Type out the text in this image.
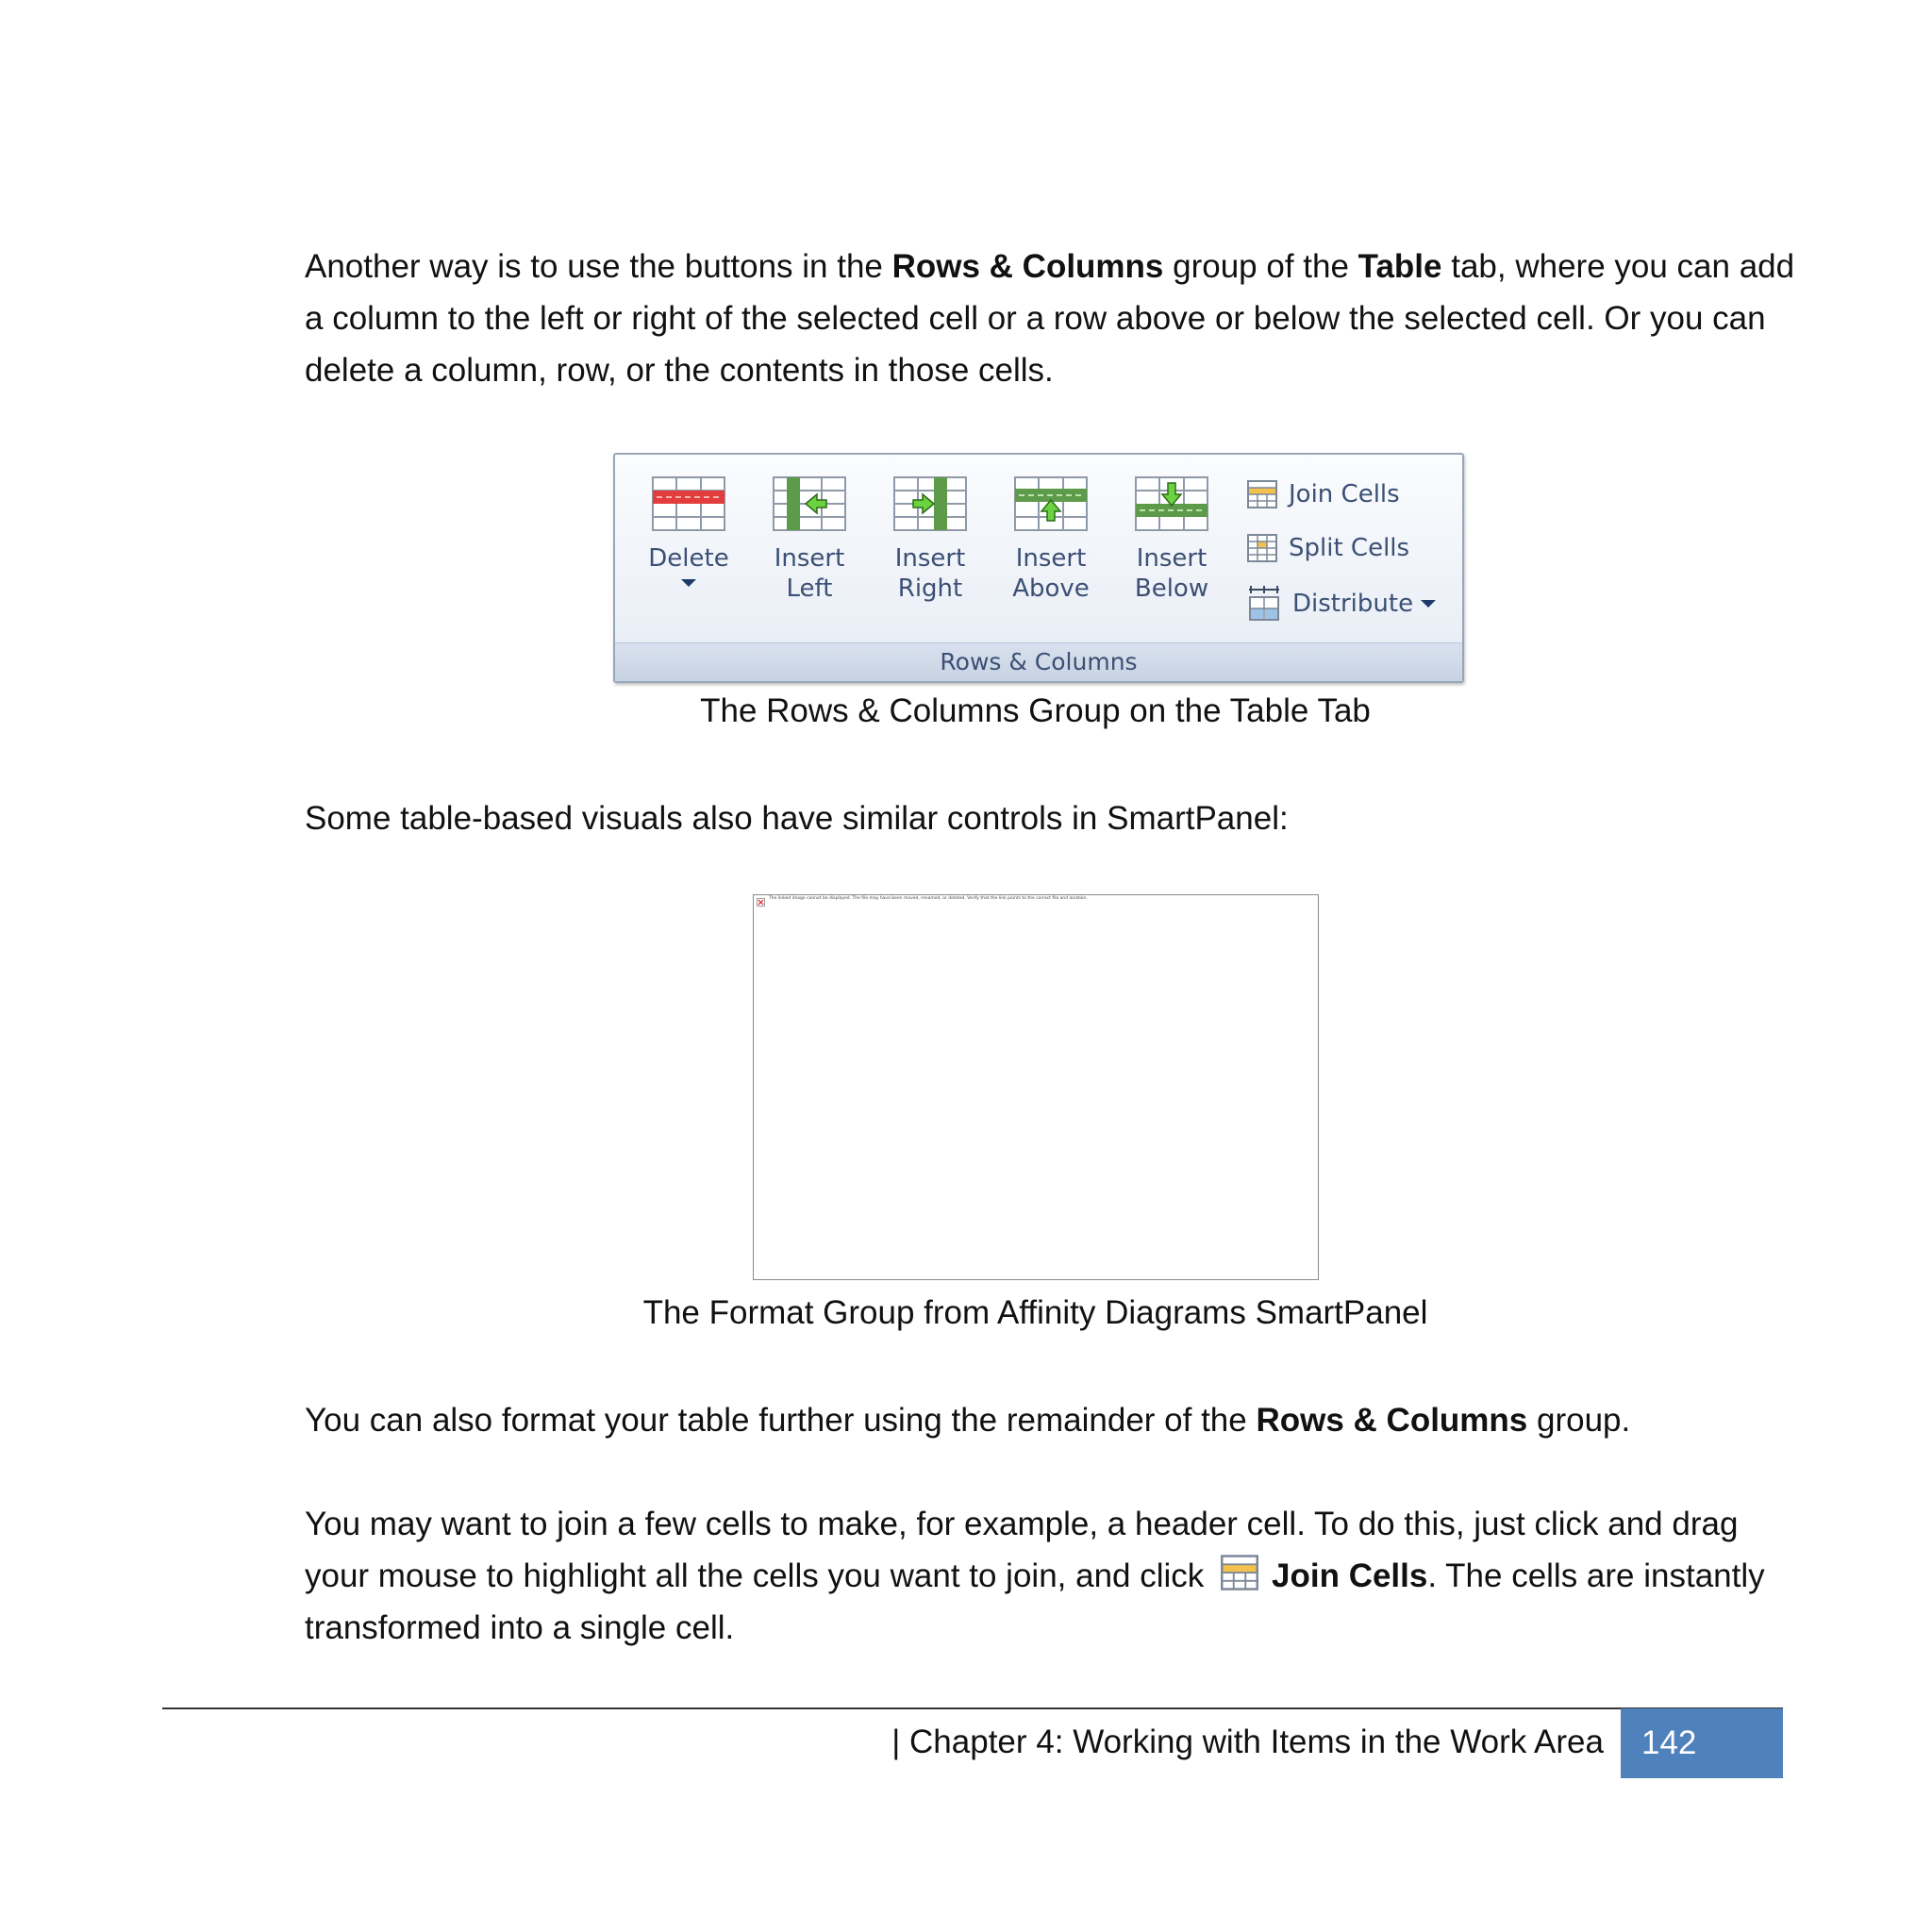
Another way is to use the buttons in the Rows & Columns group of the Table tab, where you can add a column to the left or right of the selected cell or a row above or below the selected cell. Or you can delete a column, row, or the contents in those cells.

Delete	Insert
Left
Insert
Right
Insert
Above
Insert
Below
Join Cells
Split Cells
Distribute
Rows & Columns

The Rows & Columns Group on the Table Tab

Some table-based visuals also have similar controls in SmartPanel:

The linked image cannot be displayed. The file may have been moved, renamed, or deleted. Verify that the link points to the correct file and location.

The Format Group from Affinity Diagrams SmartPanel

You can also format your table further using the remainder of the Rows & Columns group.

You may want to join a few cells to make, for example, a header cell. To do this, just click and drag your mouse to highlight all the cells you want to join, and click Join Cells. The cells are instantly transformed into a single cell.

| Chapter 4: Working with Items in the Work Area	142
